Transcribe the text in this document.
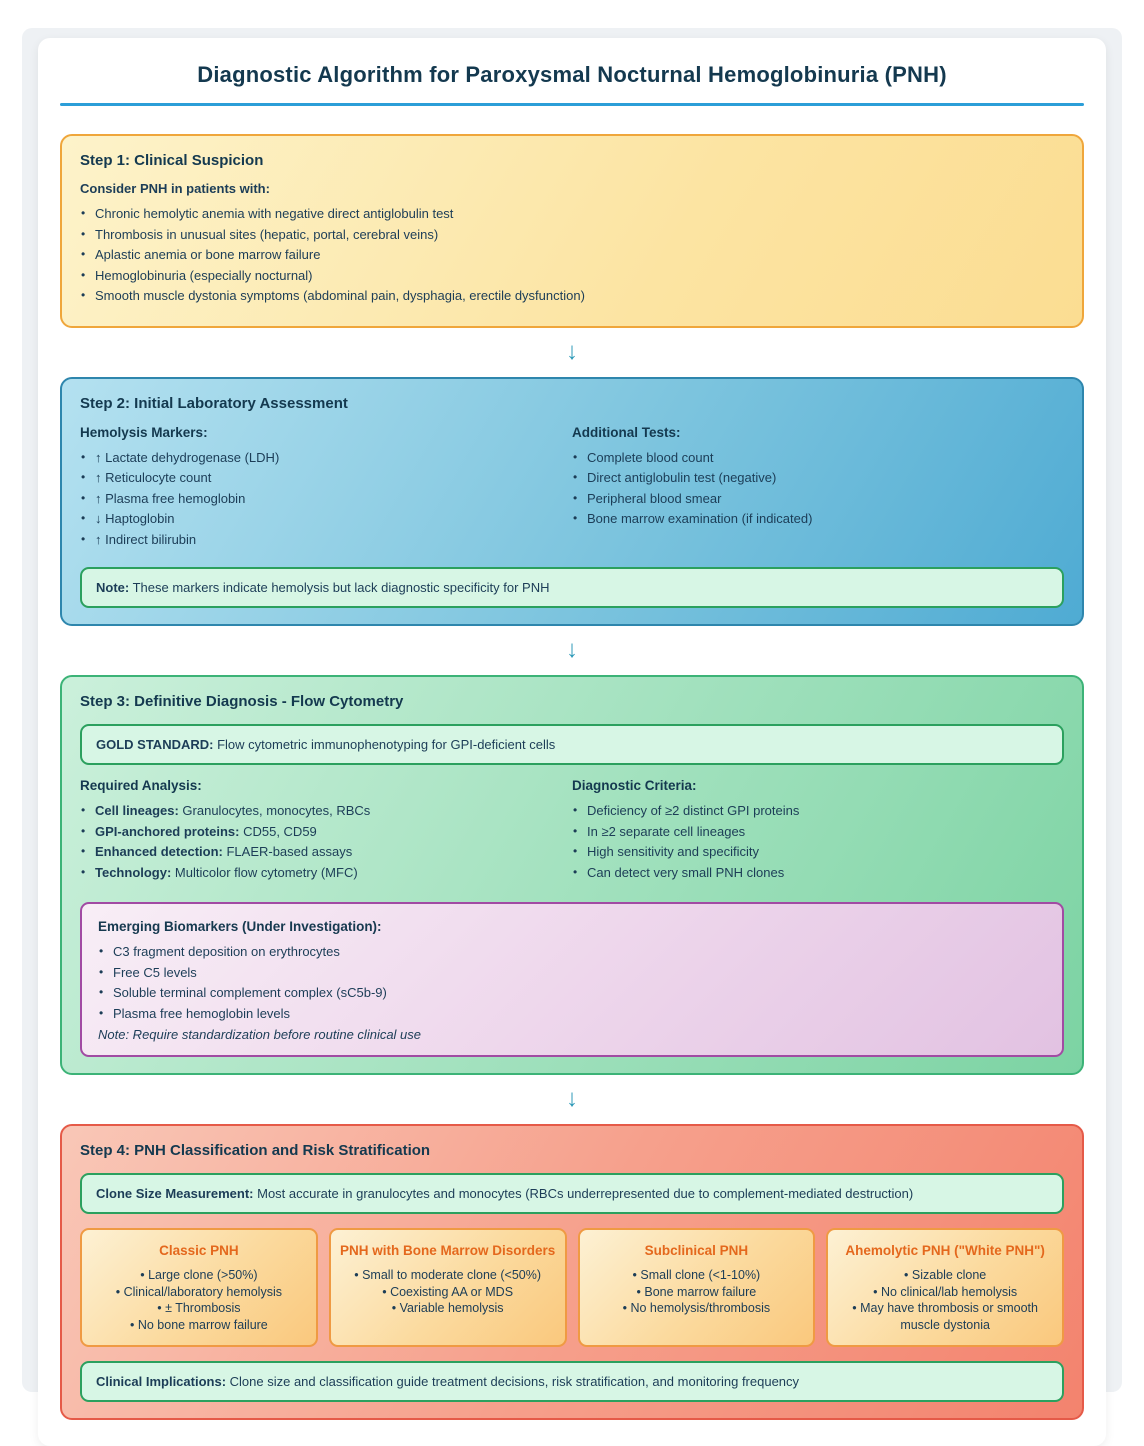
Diagnostic Algorithm for Paroxysmal Nocturnal Hemoglobinuria (PNH)
Step 1: Clinical Suspicion

Consider PNH in patients with:

• Chronic hemolytic anemia with negative direct antiglobulin test
• Thrombosis in unusual sites (hepatic, portal, cerebral veins)
• Aplastic anemia or bone marrow failure
• Hemoglobinuria (especially nocturnal)
• Smooth muscle dystonia symptoms (abdominal pain, dysphagia, erectile dysfunction)
↓
Step 2: Initial Laboratory Assessment
Hemolysis Markers:
• ↑ Lactate dehydrogenase (LDH)
• ↑ Reticulocyte count
• ↑ Plasma free hemoglobin
• ↓ Haptoglobin
• ↑ Indirect bilirubin
Additional Tests:
• Complete blood count
• Direct antiglobulin test (negative)
• Peripheral blood smear
• Bone marrow examination (if indicated)
Note: These markers indicate hemolysis but lack diagnostic specificity for PNH
↓
Step 3: Definitive Diagnosis - Flow Cytometry
GOLD STANDARD: Flow cytometric immunophenotyping for GPI-deficient cells
Required Analysis:
• Cell lineages: Granulocytes, monocytes, RBCs
• GPI-anchored proteins: CD55, CD59
• Enhanced detection: FLAER-based assays
• Technology: Multicolor flow cytometry (MFC)
Diagnostic Criteria:
• Deficiency of ≥2 distinct GPI proteins
• In ≥2 separate cell lineages
• High sensitivity and specificity
• Can detect very small PNH clones
Emerging Biomarkers (Under Investigation):
• C3 fragment deposition on erythrocytes
• Free C5 levels
• Soluble terminal complement complex (sC5b-9)
• Plasma free hemoglobin levels

Note: Require standardization before routine clinical use

↓
Step 4: PNH Classification and Risk Stratification
Clone Size Measurement: Most accurate in granulocytes and monocytes (RBCs underrepresented due to complement-mediated destruction)
Classic PNH
• Large clone (>50%)
• Clinical/laboratory hemolysis
• ± Thrombosis
• No bone marrow failure
PNH with Bone Marrow Disorders
• Small to moderate clone (<50%)
• Coexisting AA or MDS
• Variable hemolysis
Subclinical PNH
• Small clone (<1-10%)
• Bone marrow failure
• No hemolysis/thrombosis
Ahemolytic PNH ("White PNH")
• Sizable clone
• No clinical/lab hemolysis
• May have thrombosis or smooth muscle dystonia
Clinical Implications: Clone size and classification guide treatment decisions, risk stratification, and monitoring frequency
